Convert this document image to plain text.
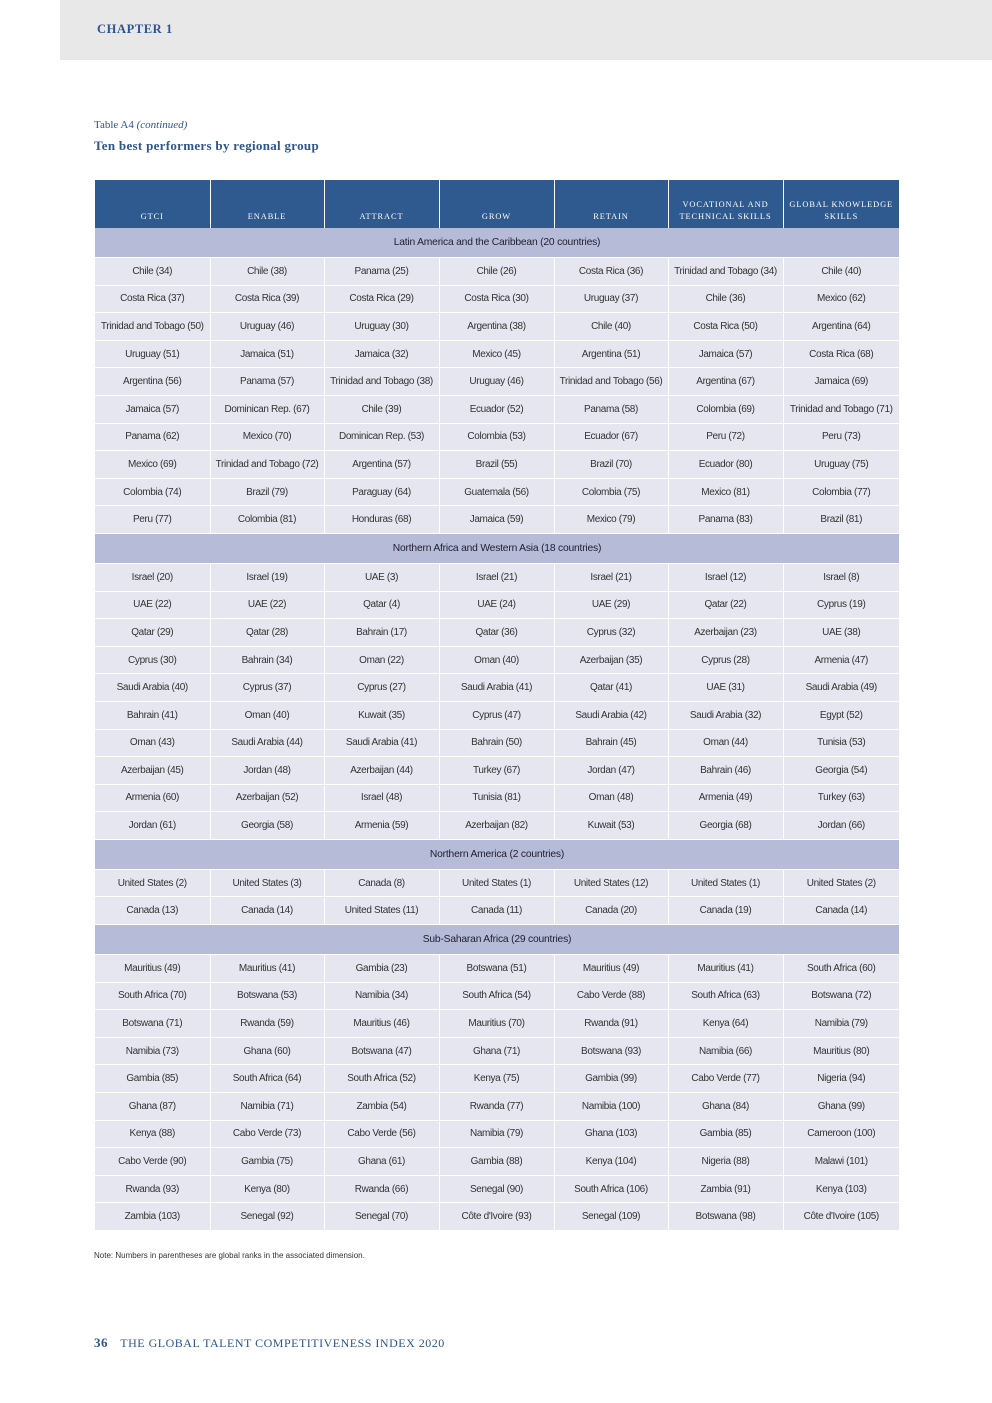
CHAPTER 1
Table A4 (continued)
Ten best performers by regional group
GTCI	ENABLE	ATTRACT	GROW	RETAIN	VOCATIONAL AND TECHNICAL SKILLS	GLOBAL KNOWLEDGE SKILLS
Latin America and the Caribbean (20 countries)						
Chile (34)	Chile (38)	Panama (25)	Chile (26)	Costa Rica (36)	Trinidad and Tobago (34)	Chile (40)
Costa Rica (37)	Costa Rica (39)	Costa Rica (29)	Costa Rica (30)	Uruguay (37)	Chile (36)	Mexico (62)
Trinidad and Tobago (50)	Uruguay (46)	Uruguay (30)	Argentina (38)	Chile (40)	Costa Rica (50)	Argentina (64)
Uruguay (51)	Jamaica (51)	Jamaica (32)	Mexico (45)	Argentina (51)	Jamaica (57)	Costa Rica (68)
Argentina (56)	Panama (57)	Trinidad and Tobago (38)	Uruguay (46)	Trinidad and Tobago (56)	Argentina (67)	Jamaica (69)
Jamaica (57)	Dominican Rep. (67)	Chile (39)	Ecuador (52)	Panama (58)	Colombia (69)	Trinidad and Tobago (71)
Panama (62)	Mexico (70)	Dominican Rep. (53)	Colombia (53)	Ecuador (67)	Peru (72)	Peru (73)
Mexico (69)	Trinidad and Tobago (72)	Argentina (57)	Brazil (55)	Brazil (70)	Ecuador (80)	Uruguay (75)
Colombia (74)	Brazil (79)	Paraguay (64)	Guatemala (56)	Colombia (75)	Mexico (81)	Colombia (77)
Peru (77)	Colombia (81)	Honduras (68)	Jamaica (59)	Mexico (79)	Panama (83)	Brazil (81)
Northern Africa and Western Asia (18 countries)						
Israel (20)	Israel (19)	UAE (3)	Israel (21)	Israel (21)	Israel (12)	Israel (8)
UAE (22)	UAE (22)	Qatar (4)	UAE (24)	UAE (29)	Qatar (22)	Cyprus (19)
Qatar (29)	Qatar (28)	Bahrain (17)	Qatar (36)	Cyprus (32)	Azerbaijan (23)	UAE (38)
Cyprus (30)	Bahrain (34)	Oman (22)	Oman (40)	Azerbaijan (35)	Cyprus (28)	Armenia (47)
Saudi Arabia (40)	Cyprus (37)	Cyprus (27)	Saudi Arabia (41)	Qatar (41)	UAE (31)	Saudi Arabia (49)
Bahrain (41)	Oman (40)	Kuwait (35)	Cyprus (47)	Saudi Arabia (42)	Saudi Arabia (32)	Egypt (52)
Oman (43)	Saudi Arabia (44)	Saudi Arabia (41)	Bahrain (50)	Bahrain (45)	Oman (44)	Tunisia (53)
Azerbaijan (45)	Jordan (48)	Azerbaijan (44)	Turkey (67)	Jordan (47)	Bahrain (46)	Georgia (54)
Armenia (60)	Azerbaijan (52)	Israel (48)	Tunisia (81)	Oman (48)	Armenia (49)	Turkey (63)
Jordan (61)	Georgia (58)	Armenia (59)	Azerbaijan (82)	Kuwait (53)	Georgia (68)	Jordan (66)
Northern America (2 countries)						
United States (2)	United States (3)	Canada (8)	United States (1)	United States (12)	United States (1)	United States (2)
Canada (13)	Canada (14)	United States (11)	Canada (11)	Canada (20)	Canada (19)	Canada (14)
Sub-Saharan Africa (29 countries)						
Mauritius (49)	Mauritius (41)	Gambia (23)	Botswana (51)	Mauritius (49)	Mauritius (41)	South Africa (60)
South Africa (70)	Botswana (53)	Namibia (34)	South Africa (54)	Cabo Verde (88)	South Africa (63)	Botswana (72)
Botswana (71)	Rwanda (59)	Mauritius (46)	Mauritius (70)	Rwanda (91)	Kenya (64)	Namibia (79)
Namibia (73)	Ghana (60)	Botswana (47)	Ghana (71)	Botswana (93)	Namibia (66)	Mauritius (80)
Gambia (85)	South Africa (64)	South Africa (52)	Kenya (75)	Gambia (99)	Cabo Verde (77)	Nigeria (94)
Ghana (87)	Namibia (71)	Zambia (54)	Rwanda (77)	Namibia (100)	Ghana (84)	Ghana (99)
Kenya (88)	Cabo Verde (73)	Cabo Verde (56)	Namibia (79)	Ghana (103)	Gambia (85)	Cameroon (100)
Cabo Verde (90)	Gambia (75)	Ghana (61)	Gambia (88)	Kenya (104)	Nigeria (88)	Malawi (101)
Rwanda (93)	Kenya (80)	Rwanda (66)	Senegal (90)	South Africa (106)	Zambia (91)	Kenya (103)
Zambia (103)	Senegal (92)	Senegal (70)	Côte d'Ivoire (93)	Senegal (109)	Botswana (98)	Côte d'Ivoire (105)
Note: Numbers in parentheses are global ranks in the associated dimension.
36 THE GLOBAL TALENT COMPETITIVENESS INDEX 2020
